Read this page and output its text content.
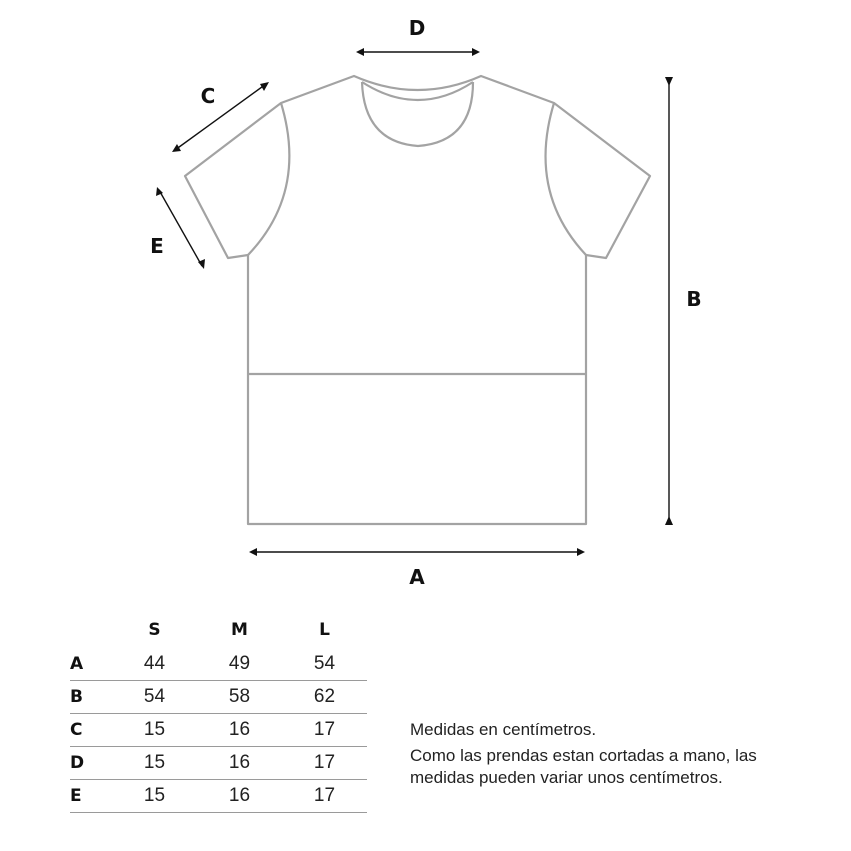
D
C
E
B
A
	S	M	L
A	44	49	54
B	54	58	62
C	15	16	17
D	15	16	17
E	15	16	17

Medidas en centímetros.

Como las prendas estan cortadas a mano, las medidas pueden variar unos centímetros.
